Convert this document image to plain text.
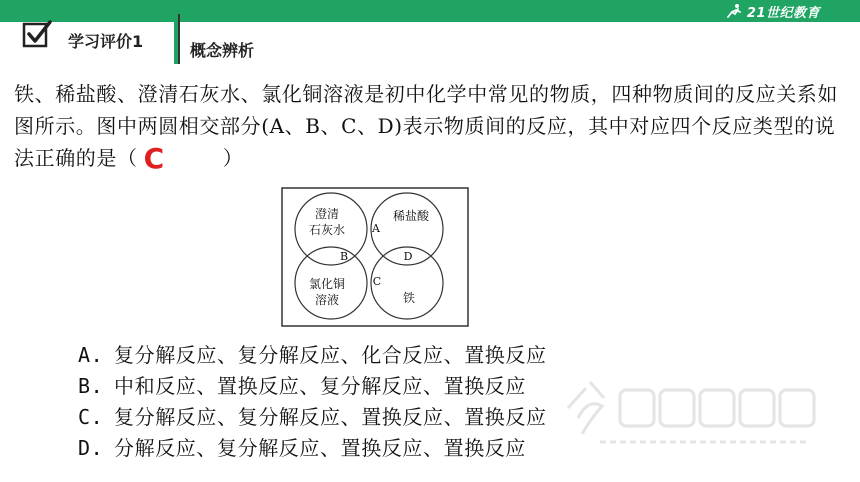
21世纪教育
学习评价1	概念辨析
铁、稀盐酸、澄清石灰水、氯化铜溶液是初中化学中常见的物质，四种物质间的反应关系如图所示。图中两圆相交部分(A、B、C、D)表示物质间的反应，其中对应四个反应类型的说法正确的是（ C	）
澄清
石灰水
稀盐酸
氯化铜
溶液	铁
A
B
C
D
A. 复分解反应、复分解反应、化合反应、置换反应
B. 中和反应、置换反应、复分解反应、置换反应
C. 复分解反应、复分解反应、置换反应、置换反应
D. 分解反应、复分解反应、置换反应、置换反应
